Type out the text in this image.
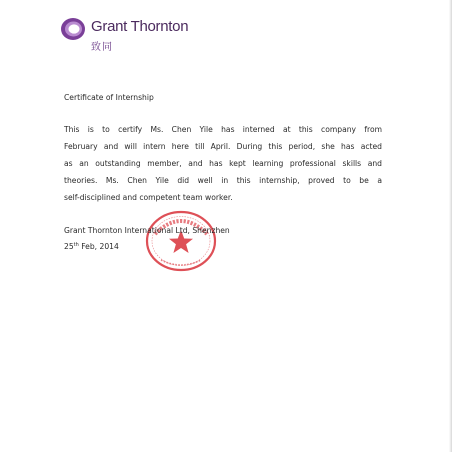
Grant Thornton
致同
Certificate of Internship
This is to certify Ms. Chen Yile has interned at this company from
February and will intern here till April. During this period, she has acted
as an outstanding member, and has kept learning professional skills and
theories. Ms. Chen Yile did well in this internship, proved to be a
self-disciplined and competent team worker.
Grant Thornton International Ltd, Shenzhen
25th Feb, 2014
